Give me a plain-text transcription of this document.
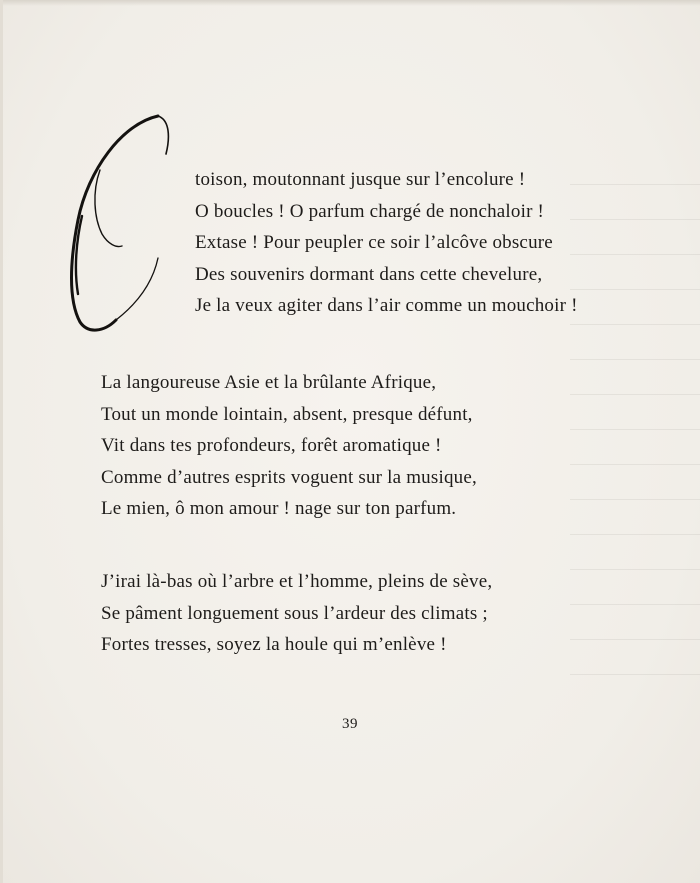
toison, moutonnant jusque sur l’encolure !
O boucles ! O parfum chargé de nonchaloir !
Extase ! Pour peupler ce soir l’alcôve obscure
Des souvenirs dormant dans cette chevelure,
Je la veux agiter dans l’air comme un mouchoir !
La langoureuse Asie et la brûlante Afrique,
Tout un monde lointain, absent, presque défunt,
Vit dans tes profondeurs, forêt aromatique !
Comme d’autres esprits voguent sur la musique,
Le mien, ô mon amour ! nage sur ton parfum.
J’irai là-bas où l’arbre et l’homme, pleins de sève,
Se pâment longuement sous l’ardeur des climats ;
Fortes tresses, soyez la houle qui m’enlève !
39
